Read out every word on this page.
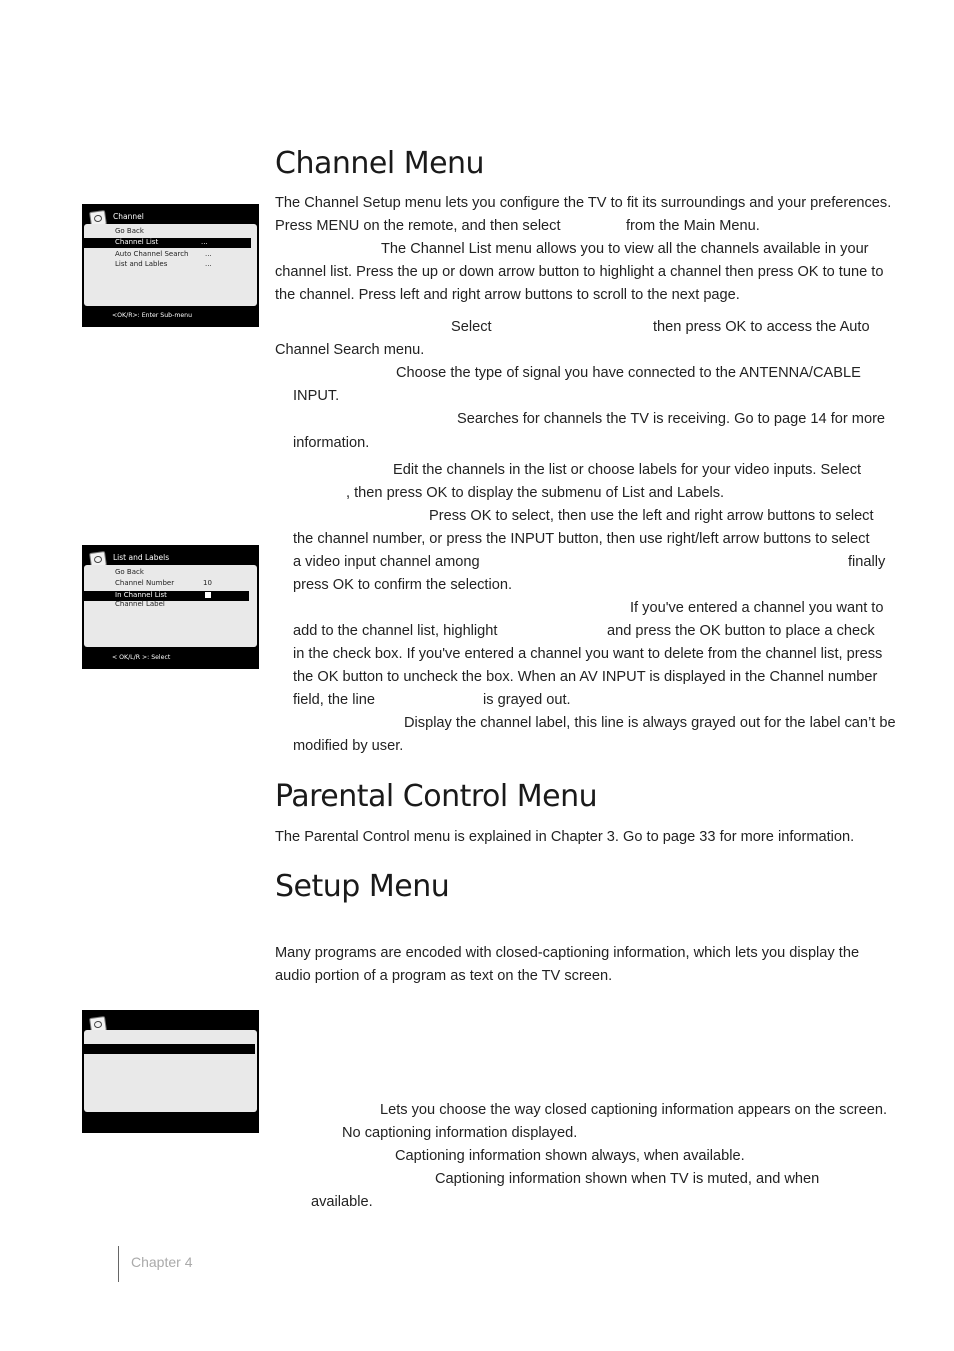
Channel Menu

The Channel Setup menu lets you configure the TV to fit its surroundings and your preferences.

Press MENU on the remote, and then select	from the Main Menu.

The Channel List menu allows you to view all the channels available in your

channel list. Press the up or down arrow button to highlight a channel then press OK to tune to

the channel. Press left and right arrow buttons to scroll to the next page.

Select	then press OK to access the Auto

Channel Search menu.

Choose the type of signal you have connected to the ANTENNA/CABLE

INPUT.

Searches for channels the TV is receiving. Go to page 14 for more

information.

Edit the channels in the list or choose labels for your video inputs. Select

, then press OK to display the submenu of List and Labels.

Press OK to select, then use the left and right arrow buttons to select

the channel number, or press the INPUT button, then use right/left arrow buttons to select

a video input channel among	finally

press OK to confirm the selection.

If you've entered a channel you want to

add to the channel list, highlight	and press the OK button to place a check

in the check box. If you've entered a channel you want to delete from the channel list, press

the OK button to uncheck the box. When an AV INPUT is displayed in the Channel number

field, the line	is grayed out.

Display the channel label, this line is always grayed out for the label can’t be

modified by user.

Parental Control Menu

The Parental Control menu is explained in Chapter 3. Go to page 33 for more information.

Setup Menu

Many programs are encoded with closed-captioning information, which lets you display the

audio portion of a program as text on the TV screen.

Lets you choose the way closed captioning information appears on the screen.

No captioning information displayed.

Captioning information shown always, when available.

Captioning information shown when TV is muted, and when

available.

Channel
Go Back
Channel List	...
Auto Channel Search ...
List and Lables	...
<OK/R>: Enter Sub-menu
List and Labels
Go Back
Channel Number	10
In Channel List
Channel Label
< OK/L/R >: Select
Chapter 4
